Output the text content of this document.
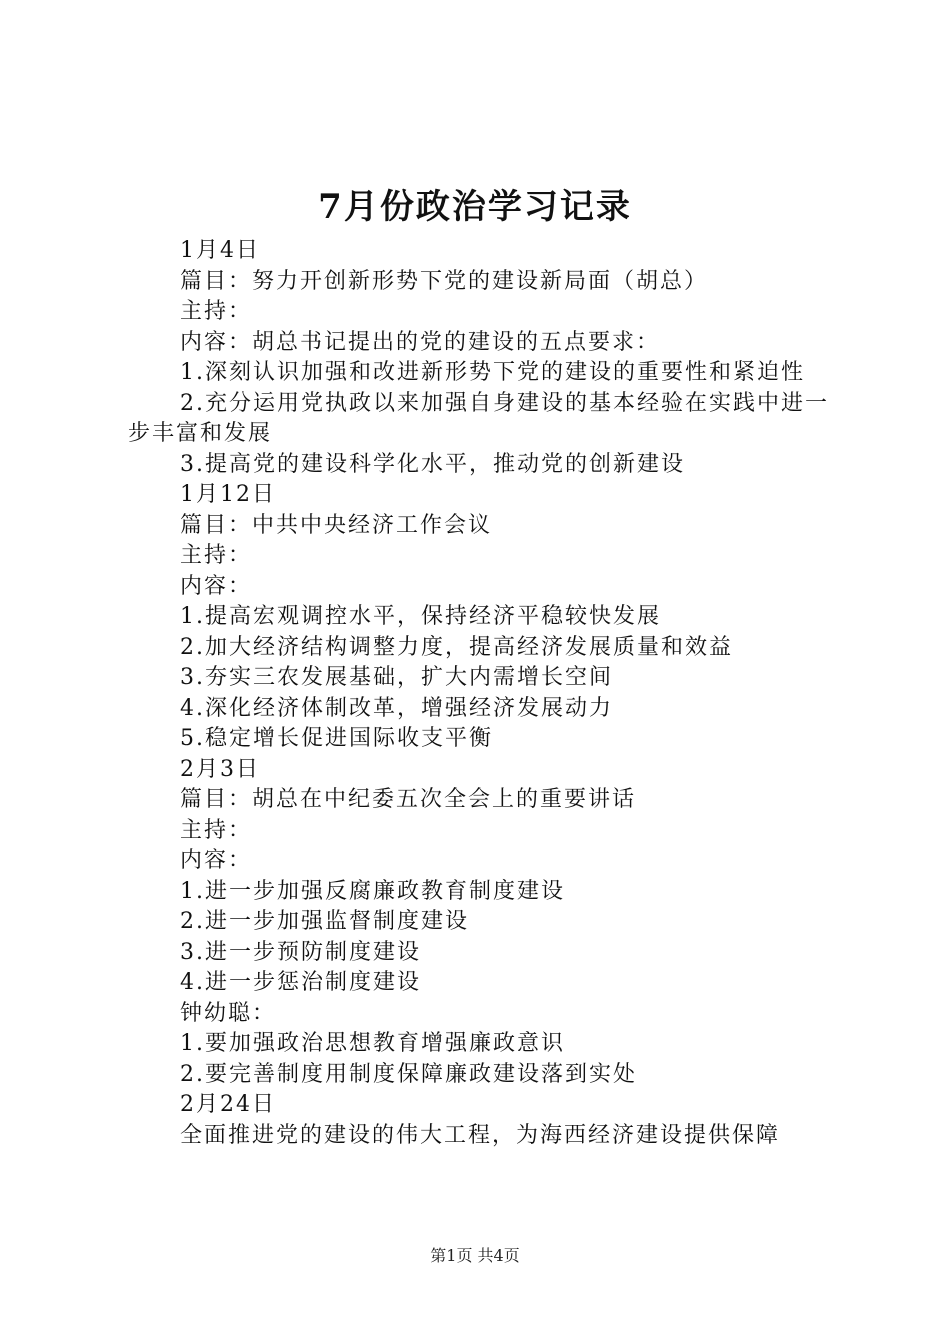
7月份政治学习记录

1月4日

篇目：努力开创新形势下党的建设新局面（胡总）

主持：

内容：胡总书记提出的党的建设的五点要求：

1.深刻认识加强和改进新形势下党的建设的重要性和紧迫性

2.充分运用党执政以来加强自身建设的基本经验在实践中进一步丰富和发展

3.提高党的建设科学化水平，推动党的创新建设

1月12日

篇目：中共中央经济工作会议

主持：

内容：

1.提高宏观调控水平，保持经济平稳较快发展

2.加大经济结构调整力度，提高经济发展质量和效益

3.夯实三农发展基础，扩大内需增长空间

4.深化经济体制改革，增强经济发展动力

5.稳定增长促进国际收支平衡

2月3日

篇目：胡总在中纪委五次全会上的重要讲话

主持：

内容：

1.进一步加强反腐廉政教育制度建设

2.进一步加强监督制度建设

3.进一步预防制度建设

4.进一步惩治制度建设

钟幼聪：

1.要加强政治思想教育增强廉政意识

2.要完善制度用制度保障廉政建设落到实处

2月24日

全面推进党的建设的伟大工程，为海西经济建设提供保障

第1页 共4页
